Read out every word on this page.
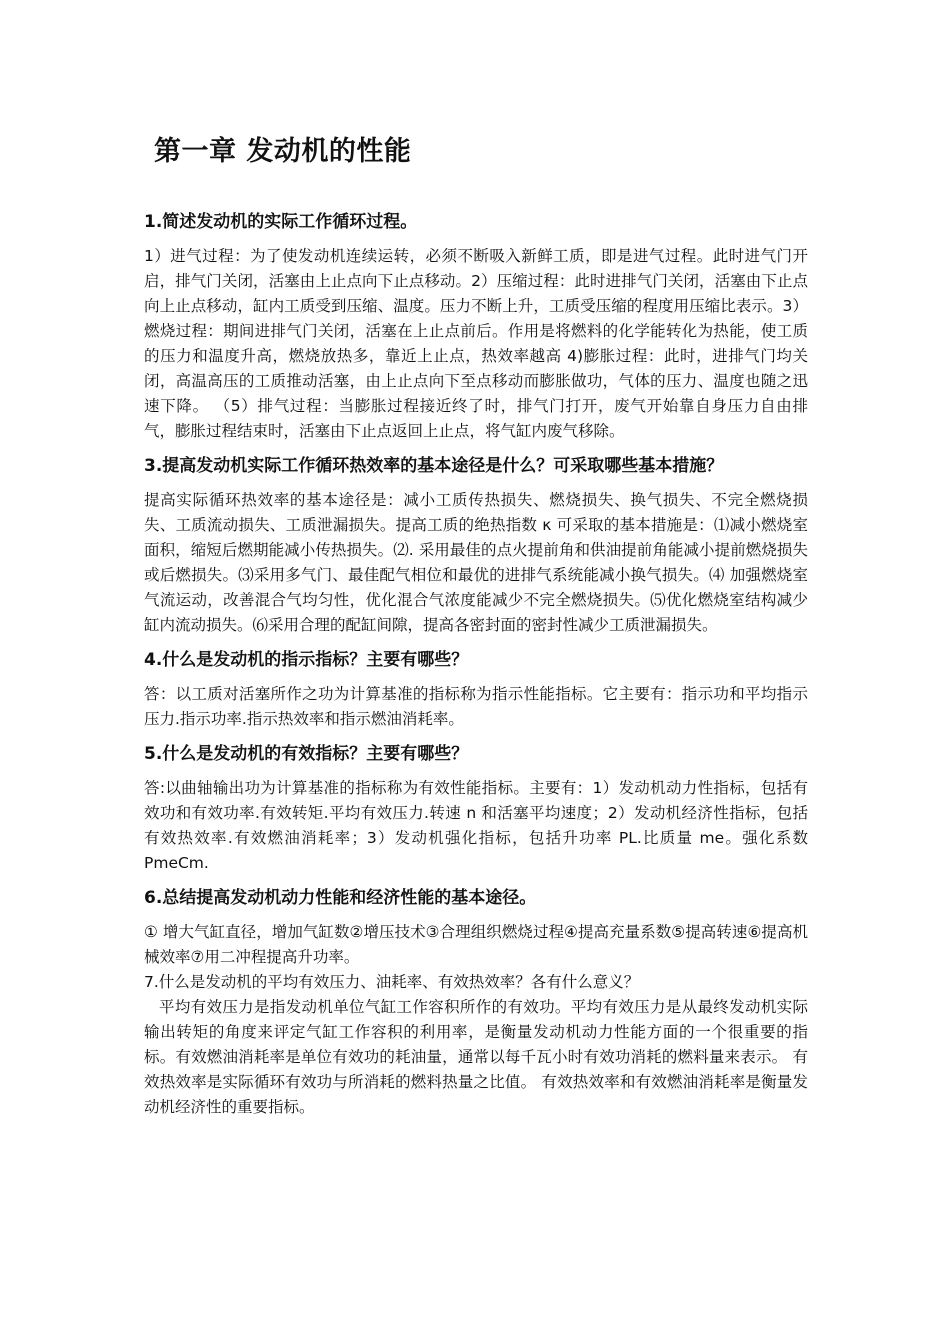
第一章 发动机的性能
1.简述发动机的实际工作循环过程。

1）进气过程：为了使发动机连续运转，必须不断吸入新鲜工质，即是进气过程。此时进气门开启，排气门关闭，活塞由上止点向下止点移动。2）压缩过程：此时进排气门关闭，活塞由下止点向上止点移动，缸内工质受到压缩、温度。压力不断上升，工质受压缩的程度用压缩比表示。3）燃烧过程：期间进排气门关闭，活塞在上止点前后。作用是将燃料的化学能转化为热能，使工质的压力和温度升高，燃烧放热多，靠近上止点，热效率越高 4)膨胀过程：此时，进排气门均关闭，高温高压的工质推动活塞，由上止点向下至点移动而膨胀做功，气体的压力、温度也随之迅速下降。 （5）排气过程：当膨胀过程接近终了时，排气门打开，废气开始靠自身压力自由排气，膨胀过程结束时，活塞由下止点返回上止点，将气缸内废气移除。

3.提高发动机实际工作循环热效率的基本途径是什么？可采取哪些基本措施？

提高实际循环热效率的基本途径是：减小工质传热损失、燃烧损失、换气损失、不完全燃烧损失、工质流动损失、工质泄漏损失。提高工质的绝热指数 κ 可采取的基本措施是：⑴减小燃烧室面积，缩短后燃期能减小传热损失。⑵. 采用最佳的点火提前角和供油提前角能减小提前燃烧损失或后燃损失。⑶采用多气门、最佳配气相位和最优的进排气系统能减小换气损失。⑷ 加强燃烧室气流运动，改善混合气均匀性，优化混合气浓度能减少不完全燃烧损失。⑸优化燃烧室结构减少缸内流动损失。⑹采用合理的配缸间隙，提高各密封面的密封性减少工质泄漏损失。

4.什么是发动机的指示指标？主要有哪些？

答：以工质对活塞所作之功为计算基准的指标称为指示性能指标。它主要有：指示功和平均指示压力.指示功率.指示热效率和指示燃油消耗率。

5.什么是发动机的有效指标？主要有哪些？

答:以曲轴输出功为计算基准的指标称为有效性能指标。主要有：1）发动机动力性指标，包括有效功和有效功率.有效转矩.平均有效压力.转速 n 和活塞平均速度；2）发动机经济性指标，包括有效热效率.有效燃油消耗率；3）发动机强化指标，包括升功率 PL.比质量 me。强化系数 PmeCm.

6.总结提高发动机动力性能和经济性能的基本途径。

① 增大气缸直径，增加气缸数②增压技术③合理组织燃烧过程④提高充量系数⑤提高转速⑥提高机械效率⑦用二冲程提高升功率。

7.什么是发动机的平均有效压力、油耗率、有效热效率？各有什么意义？

平均有效压力是指发动机单位气缸工作容积所作的有效功。平均有效压力是从最终发动机实际输出转矩的角度来评定气缸工作容积的利用率，是衡量发动机动力性能方面的一个很重要的指标。有效燃油消耗率是单位有效功的耗油量，通常以每千瓦小时有效功消耗的燃料量来表示。 有效热效率是实际循环有效功与所消耗的燃料热量之比值。 有效热效率和有效燃油消耗率是衡量发动机经济性的重要指标。
